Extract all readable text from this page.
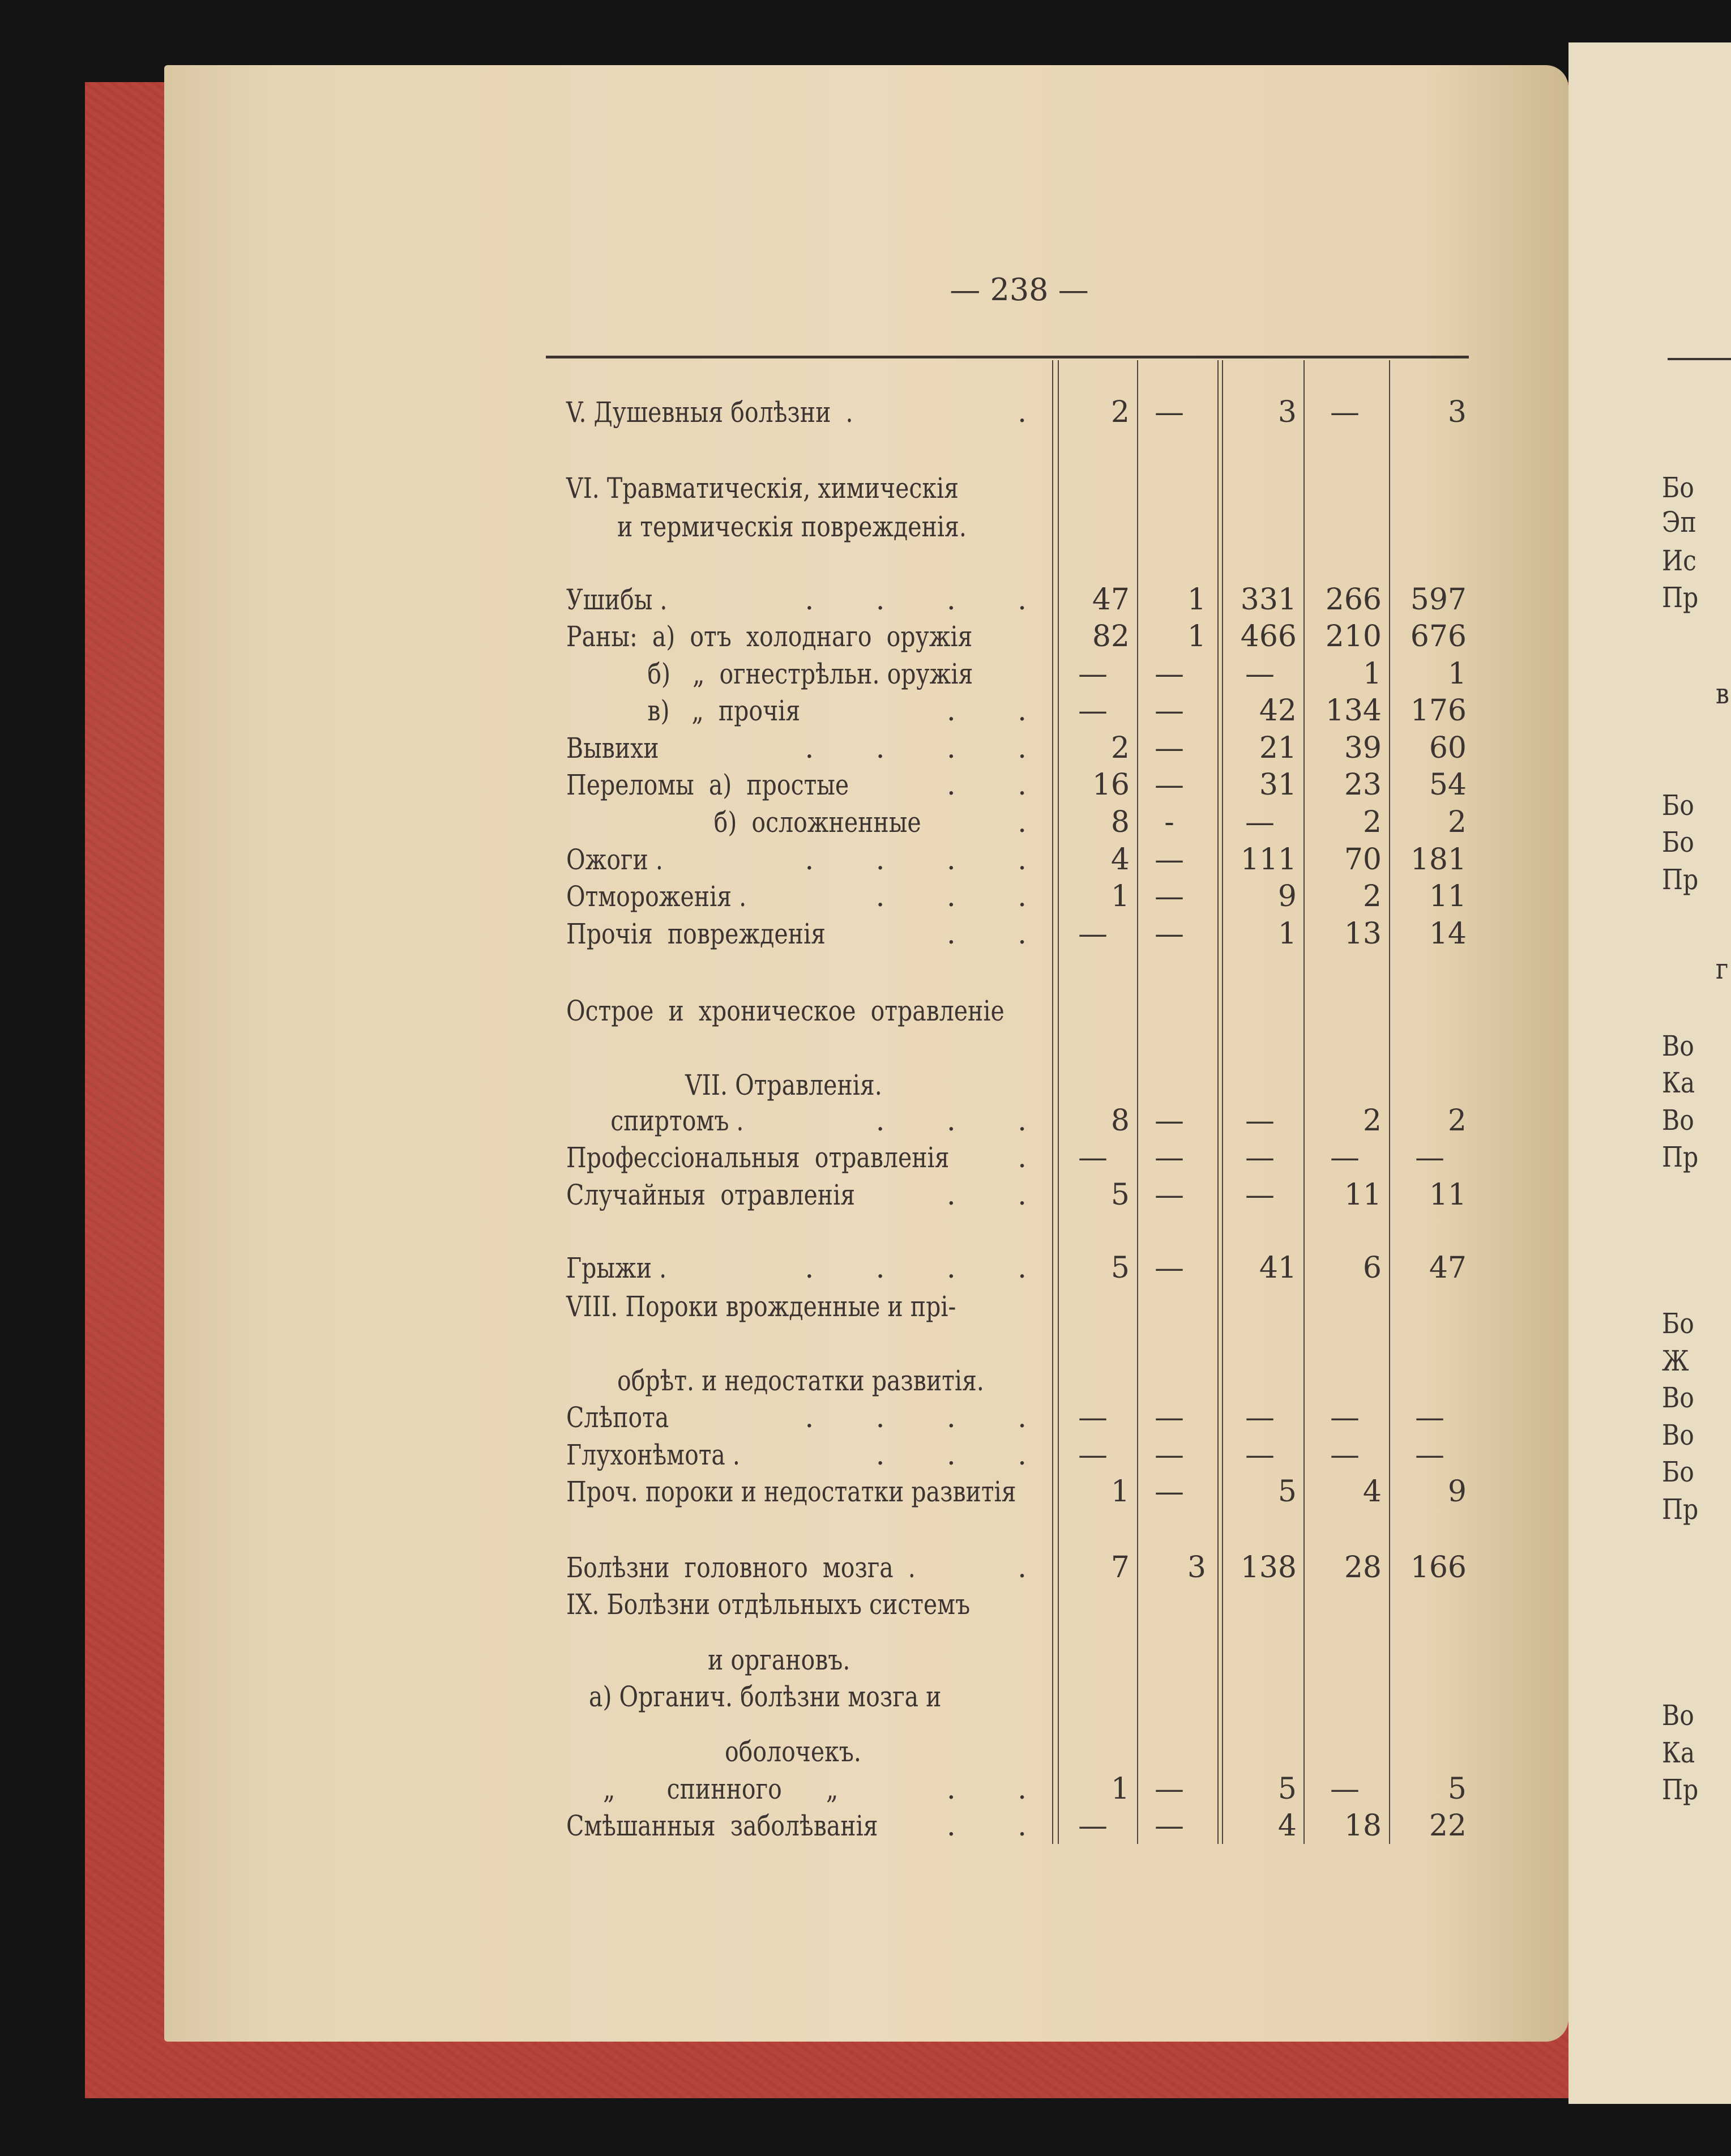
— 238 —
VI. Травматическія, химическія
и термическія поврежденія.
VII. Отравленія.
VIII. Пороки врожденные и прі-
обрѣт. и недостатки развитія.
IX. Болѣзни отдѣльныхъ системъ
и органовъ.
а) Органич. болѣзни мозга и
оболочекъ.
V. Душевныя болѣзни  .	.	2 —	3	—	3
Ушибы .	.      .      .      .	47	1	331 266 597
Раны:  а)  отъ  холоднаго  оружія	82	1	466 210 676
б)   „  огнестрѣльн. оружія	—	—	—	1	1
в)   „  прочія	.      .	—	—	42 134 176
Вывихи	.      .      .      .	2 —	21	39	60
Переломы  а)  простые	.      .	16 —	31	23	54
б)  осложненные	.	8	-	—	2	2
Ожоги .	.      .      .      .	4 —	111	70 181
Отмороженія .	.      .      .	1 —	9	2	11
Прочія  поврежденія	.      .	—	—	1	13	14
Острое  и  хроническое  отравленіе
спиртомъ .	.      .      .	8 —	—	2	2
Профессіональныя  отравленія .	—	—	—	—	—
Случайныя  отравленія	.      .	5 —	—	11	11
Грыжи .	.      .      .      .	5 —	41	6	47
Слѣпота	.      .      .      .	—	—	—	—	—
Глухонѣмота .	.      .      .	—	—	—	—	—
Проч. пороки и недостатки развитія	1 —	5	4	9
Болѣзни  головного  мозга  .	.	7	3	138	28 166
„       спинного      „	.      .	1 —	5	—	5
Смѣшанныя  заболѣванія .      .	—	—	4	18	22
Бо
Эп
Ис
Пр
в
Бо
Бо
Пр
г
Во
Ка
Во
Пр
Бо
Ж
Во
Во
Бо
Пр
Во
Ка
Пр
